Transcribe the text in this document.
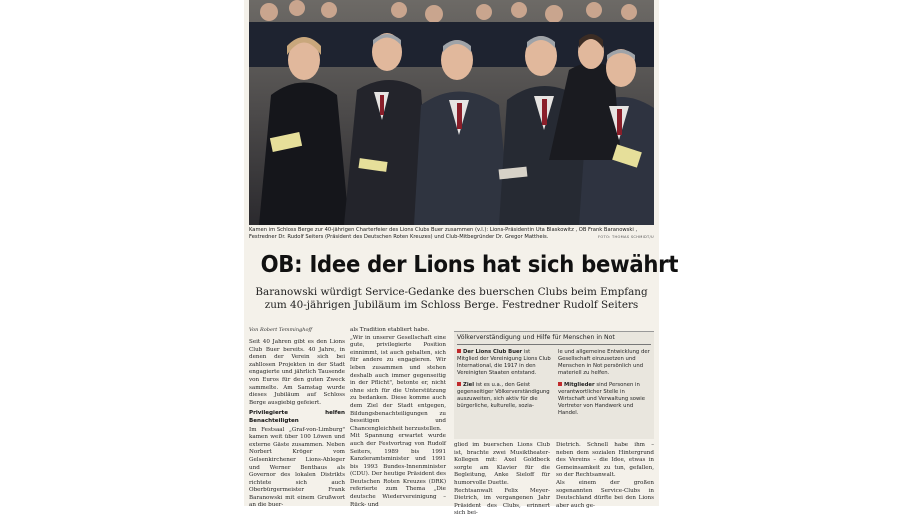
Kamen im Schloss Berge zur 40-jährigen Charterfeier des Lions Clubs Buer zusammen (v.l.): Lions-Präsidentin Uta Blaskowitz , OB Frank Baranowski , Festredner Dr. Rudolf Seiters (Präsident des Deutschen Roten Kreuzes) und Club-Mitbegründer Dr. Gregor Mattheis.	FOTO: THOMAS SCHMIDT/U
OB: Idee der Lions hat sich bewährt
Baranowski würdigt Service-Gedanke des buerschen Clubs beim Empfang zum 40-jährigen Jubiläum im Schloss Berge. Festredner Rudolf Seiters
Von Robert Temminghoff

Seit 40 Jahren gibt es den Lions Club Buer bereits. 40 Jahre, in denen der Verein sich bei zahllosen Projekten in der Stadt engagierte und jährlich Tausende von Euros für den guten Zweck sammelte. Am Samstag wurde dieses Jubiläum auf Schloss Berge ausgiebig gefeiert.

Privilegierte helfen Benachteiligten

Im Festsaal „Graf-von-Limburg" kamen weit über 100 Löwen und externe Gäste zusammen. Neben Norbert Kröger vom Gelsenkirchener Lions-Ableger und Werner Benthaus als Governor des lokalen Distrikts richtete sich auch Oberbürgermeister Frank Baranowski mit einem Grußwort an die buer-

als Tradition etabliert habe.

„Wir in unserer Gesellschaft eine gute, privilegierte Position einnimmt, ist auch gehalten, sich für andere zu engagieren. Wir leben zusammen und stehen deshalb auch immer gegenseitig in der Pflicht", betonte er, nicht ohne sich für die Unterstützung zu bedanken. Diese komme auch dem Ziel der Stadt entgegen, Bildungsbenachteiligungen zu beseitigen und Chancengleichheit herzustellen.

Mit Spannung erwartet wurde auch der Festvortrag von Rudolf Seiters, 1989 bis 1991 Kanzleramtsminister und 1991 bis 1993 Bundes-Innenminister (CDU). Der heutige Präsident des Deutschen Roten Kreuzes (DRK) referierte zum Thema „Die deutsche Wiedervereinigung – Rück- und

Völkerverständigung und Hilfe für Menschen in Not

Der Lions Club Buer ist Mitglied der Vereinigung Lions Club International, die 1917 in den Vereinigten Staaten entstand.

Ziel ist es u.a., den Geist gegenseitiger Völkerverständigung auszuweiten, sich aktiv für die bürgerliche, kulturelle, sozia-

le und allgemeine Entwicklung der Gesellschaft einzusetzen und Menschen in Not persönlich und materiell zu helfen.

Mitglieder sind Personen in verantwortlicher Stelle in Wirtschaft und Verwaltung sowie Vertreter von Handwerk und Handel.

glied im buerschen Lions Club ist, brachte zwei Musiktheater-Kollegen mit: Axel Goldbeck sorgte am Klavier für die Begleitung, Anke Sieloff für humorvolle Duette.

Rechtsanwalt Felix Meyer-Dietrich, im vergangenen Jahr Präsident des Clubs, erinnert sich bei-

Dietrich. Schnell habe ihm – neben dem sozialen Hintergrund des Vereins – die Idee, etwas in Gemeinsamkeit zu tun, gefallen, so der Rechtsanwalt.

Als einem der großen sogenannten Service-Clubs in Deutschland dürfte bei den Lions aber auch ge-
